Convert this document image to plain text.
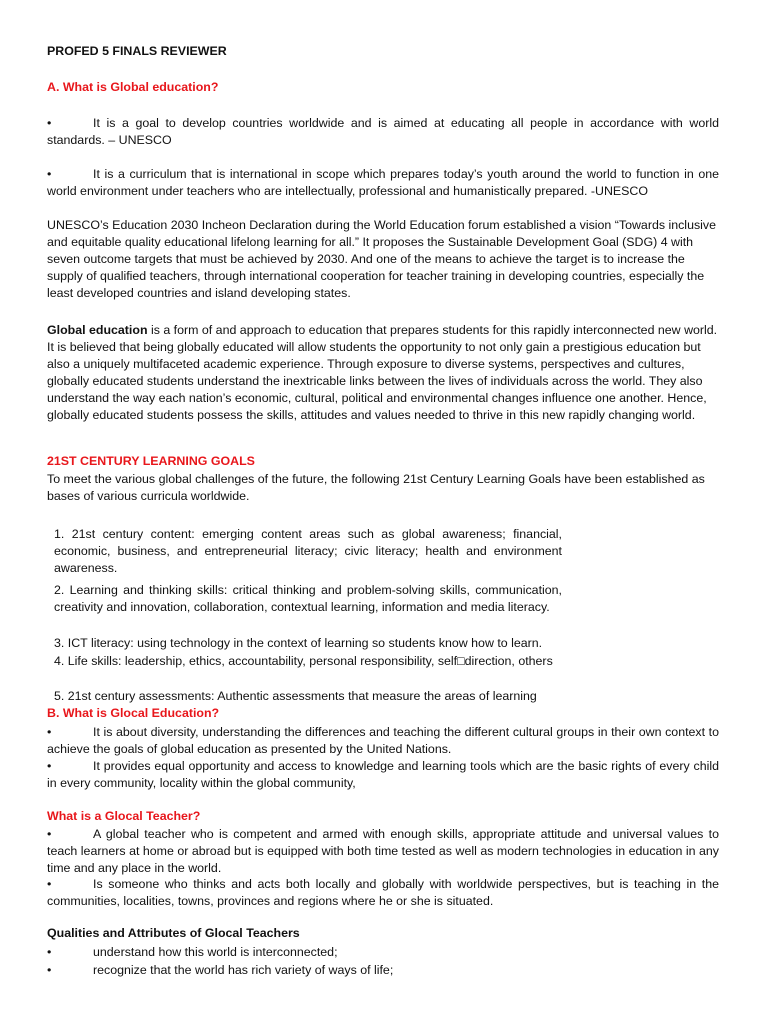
PROFED 5 FINALS REVIEWER

A. What is Global education?

•	It is a goal to develop countries worldwide and is aimed at educating all people in accordance with world standards. – UNESCO

•	It is a curriculum that is international in scope which prepares today’s youth around the world to function in one world environment under teachers who are intellectually, professional and humanistically prepared. -UNESCO

UNESCO’s Education 2030 Incheon Declaration during the World Education forum established a vision “Towards inclusive and equitable quality educational lifelong learning for all.” It proposes the Sustainable Development Goal (SDG) 4 with seven outcome targets that must be achieved by 2030. And one of the means to achieve the target is to increase the supply of qualified teachers, through international cooperation for teacher training in developing countries, especially the least developed countries and island developing states.

Global education is a form of and approach to education that prepares students for this rapidly interconnected new world. It is believed that being globally educated will allow students the opportunity to not only gain a prestigious education but also a uniquely multifaceted academic experience. Through exposure to diverse systems, perspectives and cultures, globally educated students understand the inextricable links between the lives of individuals across the world. They also understand the way each nation’s economic, cultural, political and environmental changes influence one another. Hence, globally educated students possess the skills, attitudes and values needed to thrive in this new rapidly changing world.

21ST CENTURY LEARNING GOALS

To meet the various global challenges of the future, the following 21st Century Learning Goals have been established as bases of various curricula worldwide.

1. 21st century content: emerging content areas such as global awareness; financial, economic, business, and entrepreneurial literacy; civic literacy; health and environment awareness.

2. Learning and thinking skills: critical thinking and problem-solving skills, communication, creativity and innovation, collaboration, contextual learning, information and media literacy.

3. ICT literacy: using technology in the context of learning so students know how to learn.

4. Life skills: leadership, ethics, accountability, personal responsibility, self□direction, others

5. 21st century assessments: Authentic assessments that measure the areas of learning

B. What is Glocal Education?

•	It is about diversity, understanding the differences and teaching the different cultural groups in their own context to achieve the goals of global education as presented by the United Nations.

•	It provides equal opportunity and access to knowledge and learning tools which are the basic rights of every child in every community, locality within the global community,

What is a Glocal Teacher?

•	A global teacher who is competent and armed with enough skills, appropriate attitude and universal values to teach learners at home or abroad but is equipped with both time tested as well as modern technologies in education in any time and any place in the world.

•	Is someone who thinks and acts both locally and globally with worldwide perspectives, but is teaching in the communities, localities, towns, provinces and regions where he or she is situated.

Qualities and Attributes of Glocal Teachers

•	understand how this world is interconnected;
•	recognize that the world has rich variety of ways of life;
